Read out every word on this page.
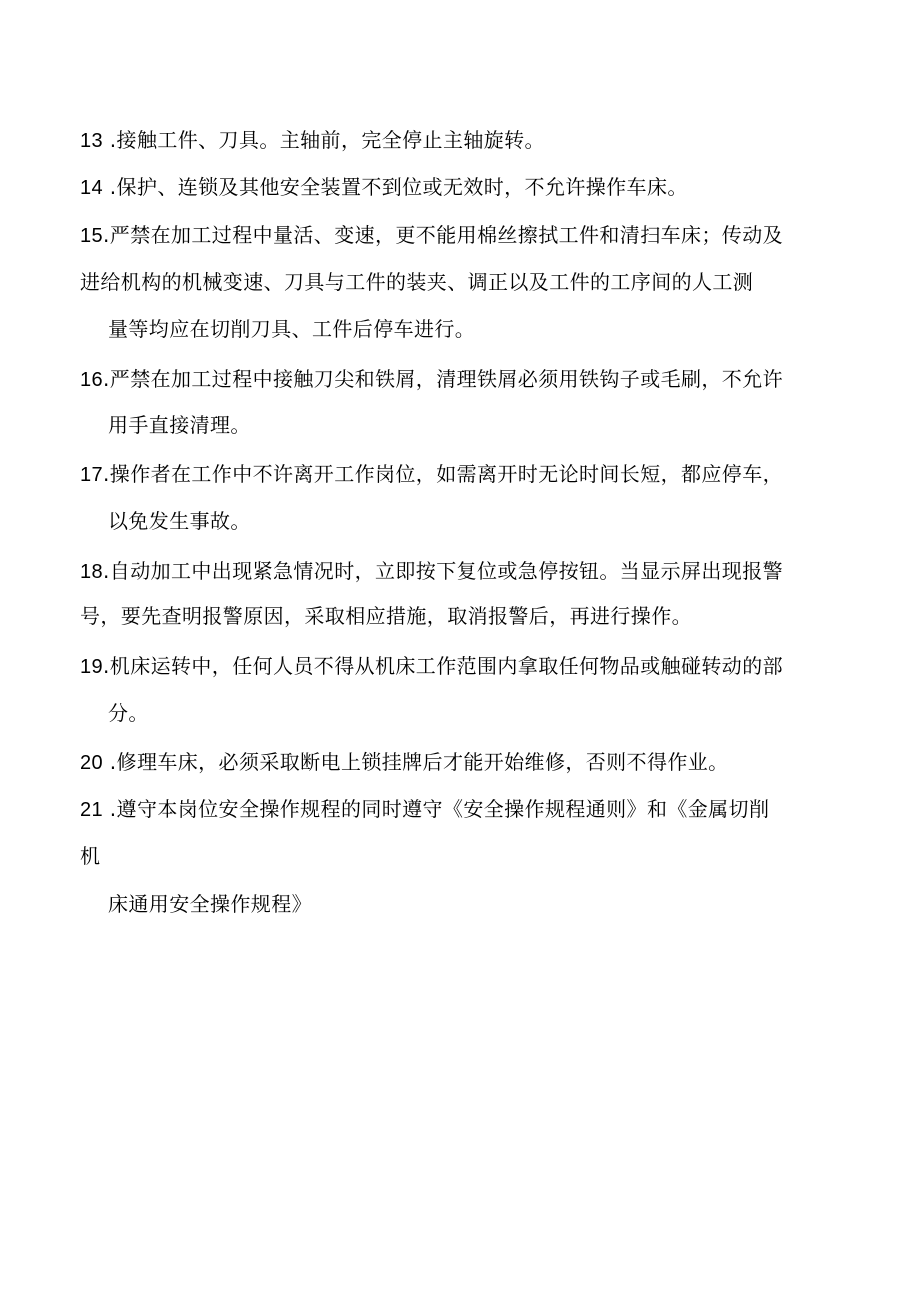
13 .接触工件、刀具。主轴前，完全停止主轴旋转。
14 .保护、连锁及其他安全装置不到位或无效时，不允许操作车床。
15.严禁在加工过程中量活、变速，更不能用棉丝擦拭工件和清扫车床；传动及
进给机构的机械变速、刀具与工件的装夹、调正以及工件的工序间的人工测
量等均应在切削刀具、工件后停车进行。
16.严禁在加工过程中接触刀尖和铁屑，清理铁屑必须用铁钩子或毛刷，不允许
用手直接清理。
17.操作者在工作中不许离开工作岗位，如需离开时无论时间长短，都应停车，
以免发生事故。
18.自动加工中出现紧急情况时，立即按下复位或急停按钮。当显示屏出现报警
号，要先查明报警原因，采取相应措施，取消报警后，再进行操作。
19.机床运转中，任何人员不得从机床工作范围内拿取任何物品或触碰转动的部
分。
20 .修理车床，必须采取断电上锁挂牌后才能开始维修，否则不得作业。
21 .遵守本岗位安全操作规程的同时遵守《安全操作规程通则》和《金属切削
机
床通用安全操作规程》
